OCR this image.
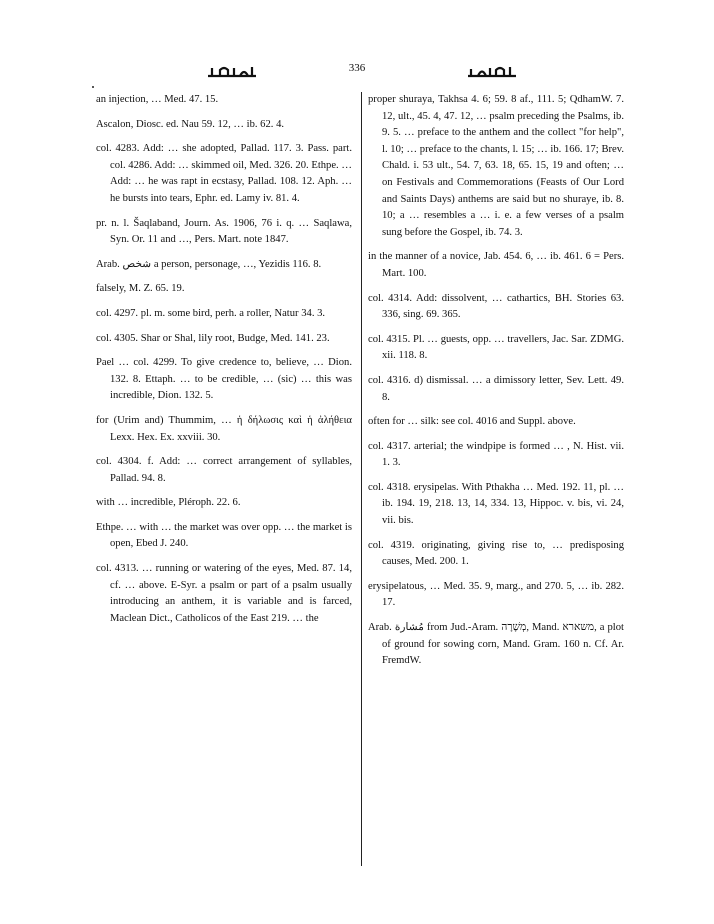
336

an injection, … Med. 47. 15.

Ascalon, Diosc. ed. Nau 59. 12, … ib. 62. 4.

col. 4283. Add: … she adopted, Pallad. 117. 3. Pass. part. col. 4286. Add: … skimmed oil, Med. 326. 20. Ethpe. … Add: … he was rapt in ecstasy, Pallad. 108. 12. Aph. … he bursts into tears, Ephr. ed. Lamy iv. 81. 4.

pr. n. l. Šaqlaband, Journ. As. 1906, 76 i. q. … Saqlawa, Syn. Or. 11 and …, Pers. Mart. note 1847.

Arab. شخص a person, personage, …, Yezidis 116. 8.

falsely, M. Z. 65. 19.

col. 4297. pl. m. some bird, perh. a roller, Natur 34. 3.

col. 4305. Shar or Shal, lily root, Budge, Med. 141. 23.

Pael … col. 4299. To give credence to, believe, … Dion. 132. 8. Ettaph. … to be credible, … (sic) … this was incredible, Dion. 132. 5.

for (Urim and) Thummim, … ἡ δήλωσις καὶ ἡ ἀλήθεια Lexx. Hex. Ex. xxviii. 30.

col. 4304. f. Add: … correct arrangement of syllables, Pallad. 94. 8.

with … incredible, Pléroph. 22. 6.

Ethpe. … with … the market was over opp. … the market is open, Ebed J. 240.

col. 4313. … running or watering of the eyes, Med. 87. 14, cf. … above. E-Syr. a psalm or part of a psalm usually introducing an anthem, it is variable and is farced, Maclean Dict., Catholicos of the East 219. … the

proper shuraya, Takhsa 4. 6; 59. 8 af., 111. 5; QdhamW. 7. 12, ult., 45. 4, 47. 12, … psalm preceding the Psalms, ib. 9. 5. … preface to the anthem and the collect "for help", l. 10; … preface to the chants, l. 15; … ib. 166. 17; Brev. Chald. i. 53 ult., 54. 7, 63. 18, 65. 15, 19 and often; … on Festivals and Commemorations (Feasts of Our Lord and Saints Days) anthems are said but no shuraye, ib. 8. 10; a … resembles a … i. e. a few verses of a psalm sung before the Gospel, ib. 74. 3.

in the manner of a novice, Jab. 454. 6, … ib. 461. 6 = Pers. Mart. 100.

col. 4314. Add: dissolvent, … cathartics, BH. Stories 63. 336, sing. 69. 365.

col. 4315. Pl. … guests, opp. … travellers, Jac. Sar. ZDMG. xii. 118. 8.

col. 4316. d) dismissal. … a dimissory letter, Sev. Lett. 49. 8.

often for … silk: see col. 4016 and Suppl. above.

col. 4317. arterial; the windpipe is formed … , N. Hist. vii. 1. 3.

col. 4318. erysipelas. With Pthakha … Med. 192. 11, pl. … ib. 194. 19, 218. 13, 14, 334. 13, Hippoc. v. bis, vi. 24, vii. bis.

col. 4319. originating, giving rise to, … predisposing causes, Med. 200. 1.

erysipelatous, … Med. 35. 9, marg., and 270. 5, … ib. 282. 17.

Arab. مُشارة from Jud.-Aram. מְשָׁרָה, Mand. משארא, a plot of ground for sowing corn, Mand. Gram. 160 n. Cf. Ar. FremdW.
